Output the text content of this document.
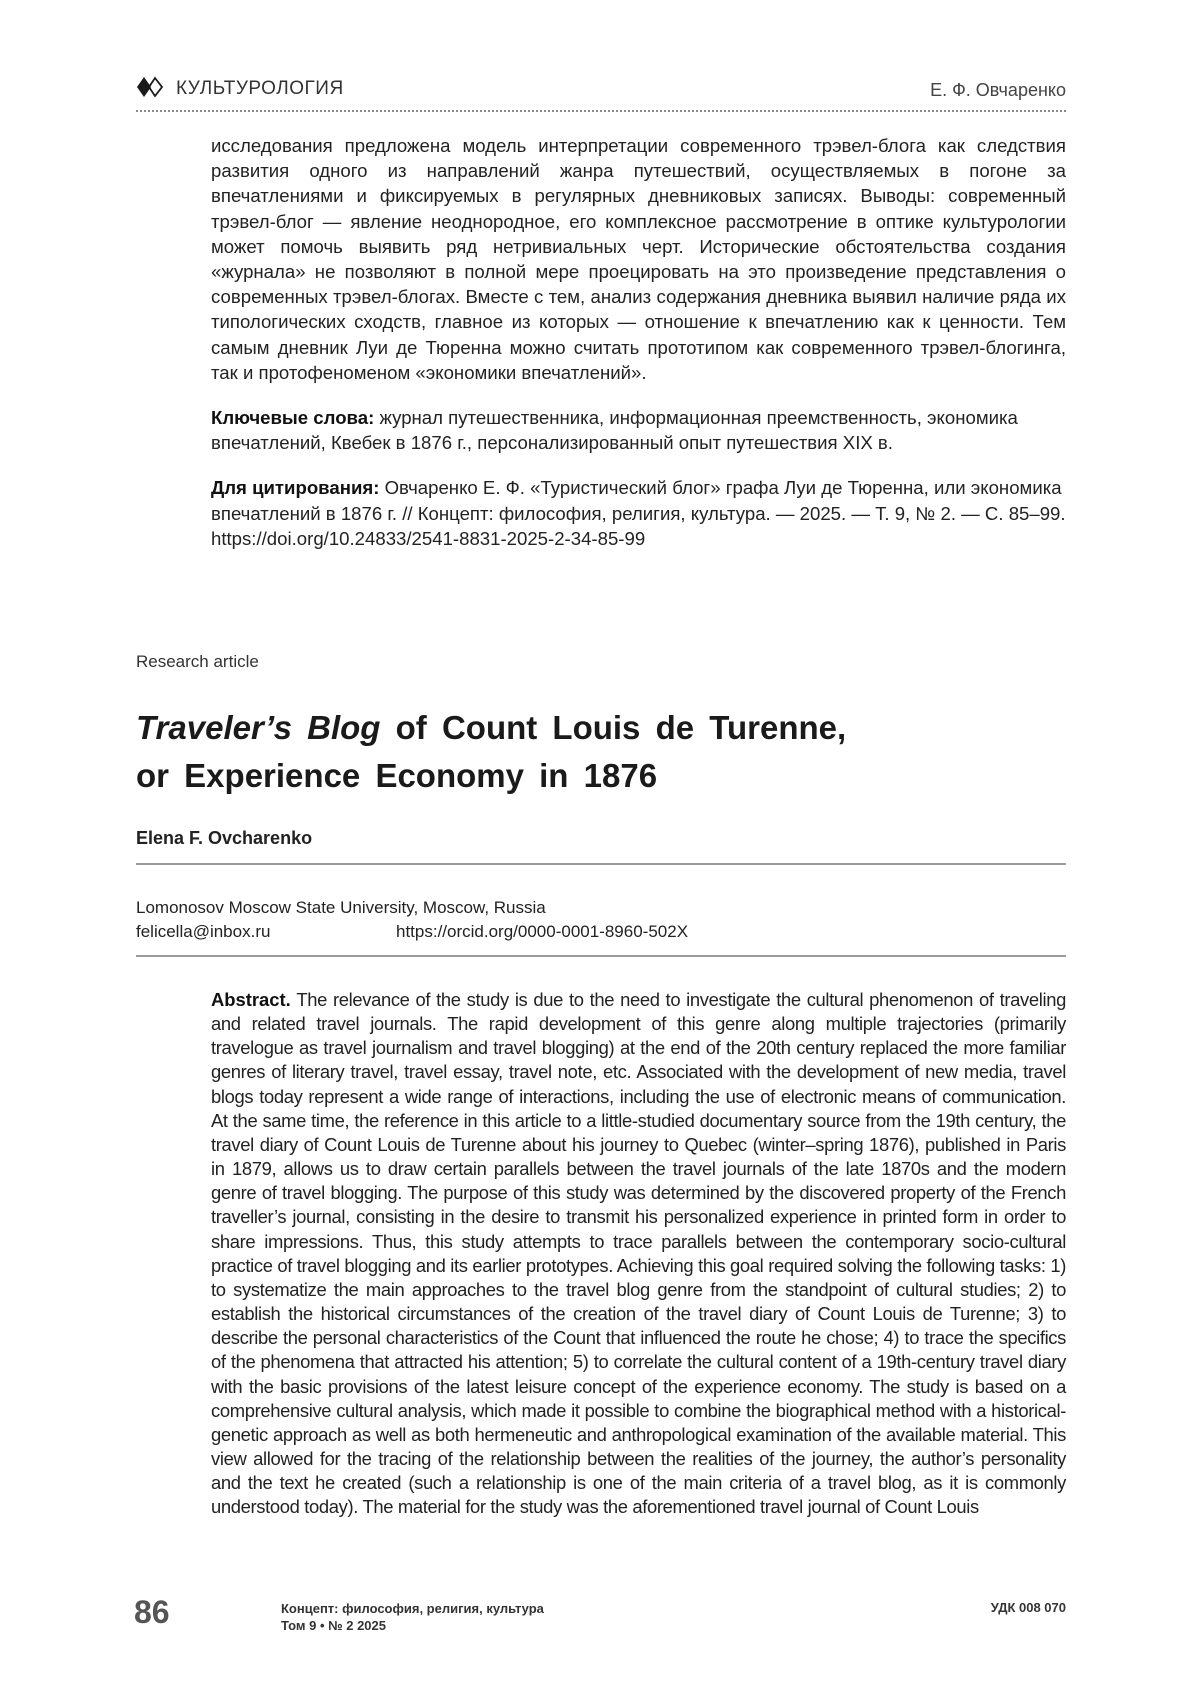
КУЛЬТУРОЛОГИЯ	Е. Ф. Овчаренко

исследования предложена модель интерпретации современного трэвел-блога как следствия развития одного из направлений жанра путешествий, осуществляемых в погоне за впечатлениями и фиксируемых в регулярных дневниковых записях. Выводы: современный трэвел-блог — явление неоднородное, его комплексное рассмотрение в оптике культурологии может помочь выявить ряд нетривиальных черт. Исторические обстоятельства создания «журнала» не позволяют в полной мере проецировать на это произведение представления о современных трэвел-блогах. Вместе с тем, анализ содержания дневника выявил наличие ряда их типологических сходств, главное из которых — отношение к впечатлению как к ценности. Тем самым дневник Луи де Тюренна можно считать прототипом как современного трэвел-блогинга, так и протофеноменом «экономики впечатлений».

Ключевые слова: журнал путешественника, информационная преемственность, экономика впечатлений, Квебек в 1876 г., персонализированный опыт путешествия XIX в.

Для цитирования: Овчаренко Е. Ф. «Туристический блог» графа Луи де Тюренна, или экономика впечатлений в 1876 г. // Концепт: философия, религия, культура. — 2025. — Т. 9, № 2. — С. 85–99. https://doi.org/10.24833/2541-8831-2025-2-34-85-99

Research article
Traveler’s Blog of Count Louis de Turenne,
or Experience Economy in 1876
Elena F. Ovcharenko
Lomonosov Moscow State University, Moscow, Russia
felicella@inbox.ru	https://orcid.org/0000-0001-8960-502X

Abstract. The relevance of the study is due to the need to investigate the cultural phenomenon of traveling and related travel journals. The rapid development of this genre along multiple trajectories (primarily travelogue as travel journalism and travel blogging) at the end of the 20th century replaced the more familiar genres of literary travel, travel essay, travel note, etc. Associated with the development of new media, travel blogs today represent a wide range of interactions, including the use of electronic means of communication. At the same time, the reference in this article to a little-studied documentary source from the 19th century, the travel diary of Count Louis de Turenne about his journey to Quebec (winter–spring 1876), published in Paris in 1879, allows us to draw certain parallels between the travel journals of the late 1870s and the modern genre of travel blogging. The purpose of this study was determined by the discovered property of the French traveller’s journal, consisting in the desire to transmit his personalized experience in printed form in order to share impressions. Thus, this study attempts to trace parallels between the contemporary socio-cultural practice of travel blogging and its earlier prototypes. Achieving this goal required solving the following tasks: 1) to systematize the main approaches to the travel blog genre from the standpoint of cultural studies; 2) to establish the historical circumstances of the creation of the travel diary of Count Louis de Turenne; 3) to describe the personal characteristics of the Count that influenced the route he chose; 4) to trace the specifics of the phenomena that attracted his attention; 5) to correlate the cultural content of a 19th-century travel diary with the basic provisions of the latest leisure concept of the experience economy. The study is based on a comprehensive cultural analysis, which made it possible to combine the biographical method with a historical-genetic approach as well as both hermeneutic and anthropological examination of the available material. This view allowed for the tracing of the relationship between the realities of the journey, the author’s personality and the text he created (such a relationship is one of the main criteria of a travel blog, as it is commonly understood today). The material for the study was the aforementioned travel journal of Count Louis

86	Концепт: философия, религия, культура
Том 9 • № 2 2025
УДК 008 070
